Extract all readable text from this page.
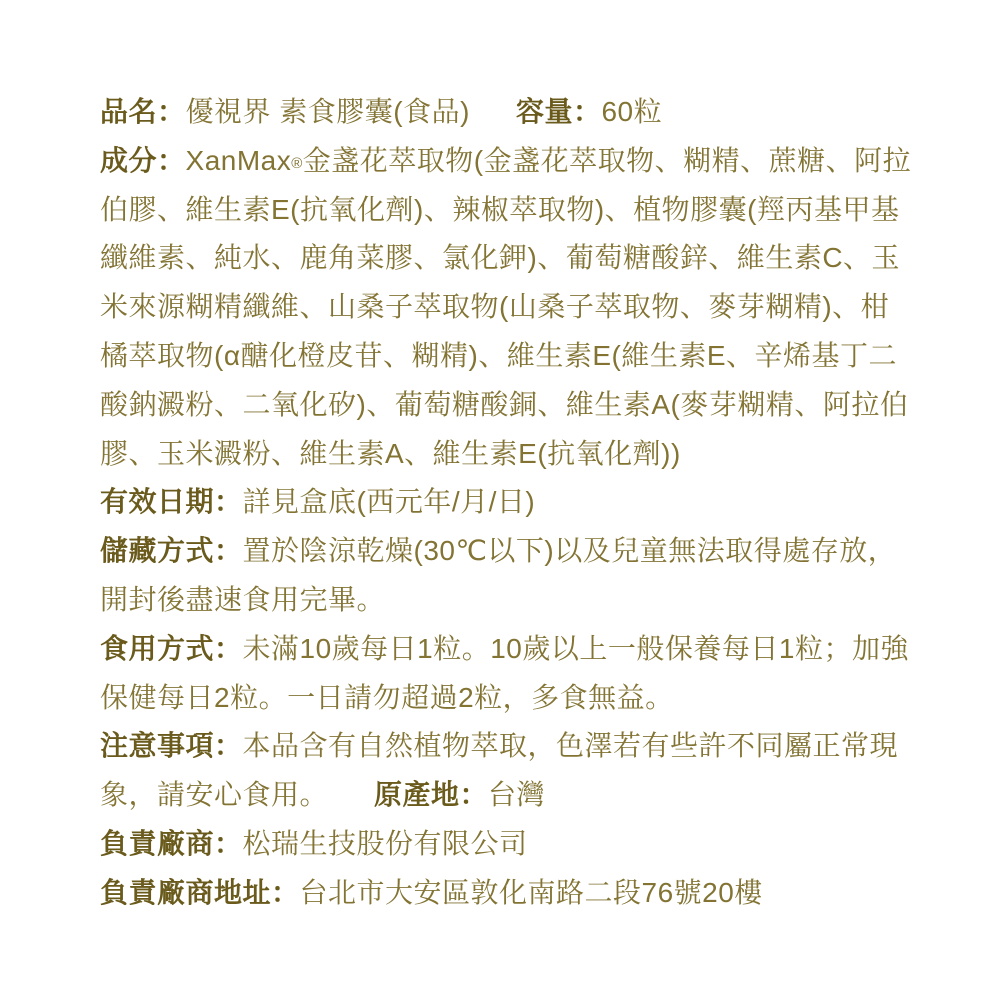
品名：優視界 素食膠囊(食品) 容量：60粒
成分：XanMax®金盞花萃取物(金盞花萃取物、糊精、蔗糖、阿拉
伯膠、維生素E(抗氧化劑)、辣椒萃取物)、植物膠囊(羥丙基甲基
纖維素、純水、鹿角菜膠、氯化鉀)、葡萄糖酸鋅、維生素C、玉
米來源糊精纖維、山桑子萃取物(山桑子萃取物、麥芽糊精)、柑
橘萃取物(α醣化橙皮苷、糊精)、維生素E(維生素E、辛烯基丁二
酸鈉澱粉、二氧化矽)、葡萄糖酸銅、維生素A(麥芽糊精、阿拉伯
膠、玉米澱粉、維生素A、維生素E(抗氧化劑))
有效日期：詳見盒底(西元年/月/日)
儲藏方式：置於陰涼乾燥(30℃以下)以及兒童無法取得處存放，
開封後盡速食用完畢。
食用方式：未滿10歲每日1粒。10歲以上一般保養每日1粒；加強
保健每日2粒。一日請勿超過2粒，多食無益。
注意事項：本品含有自然植物萃取，色澤若有些許不同屬正常現
象，請安心食用。 原產地：台灣
負責廠商：松瑞生技股份有限公司
負責廠商地址：台北市大安區敦化南路二段76號20樓
